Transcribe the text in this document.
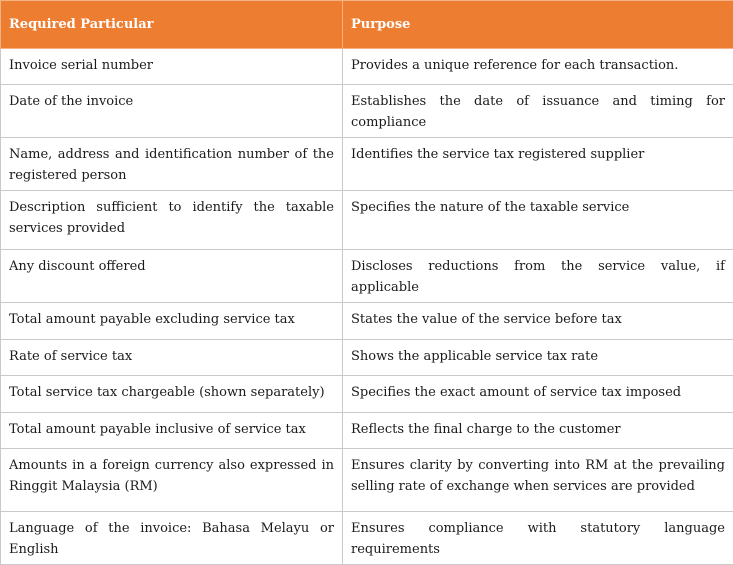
Required Particular	Purpose
Invoice serial number	Provides a unique reference for each transaction.
Date of the invoice	Establishes the date of issuance and timing for compliance
Name, address and identification number of the registered person	Identifies the service tax registered supplier
Description sufficient to identify the taxable services provided	Specifies the nature of the taxable service
Any discount offered	Discloses reductions from the service value, if applicable
Total amount payable excluding service tax	States the value of the service before tax
Rate of service tax	Shows the applicable service tax rate
Total service tax chargeable (shown separately)	Specifies the exact amount of service tax imposed
Total amount payable inclusive of service tax	Reflects the final charge to the customer
Amounts in a foreign currency also expressed in Ringgit Malaysia (RM)	Ensures clarity by converting into RM at the prevailing selling rate of exchange when services are provided
Language of the invoice: Bahasa Melayu or English	Ensures compliance with statutory language requirements
